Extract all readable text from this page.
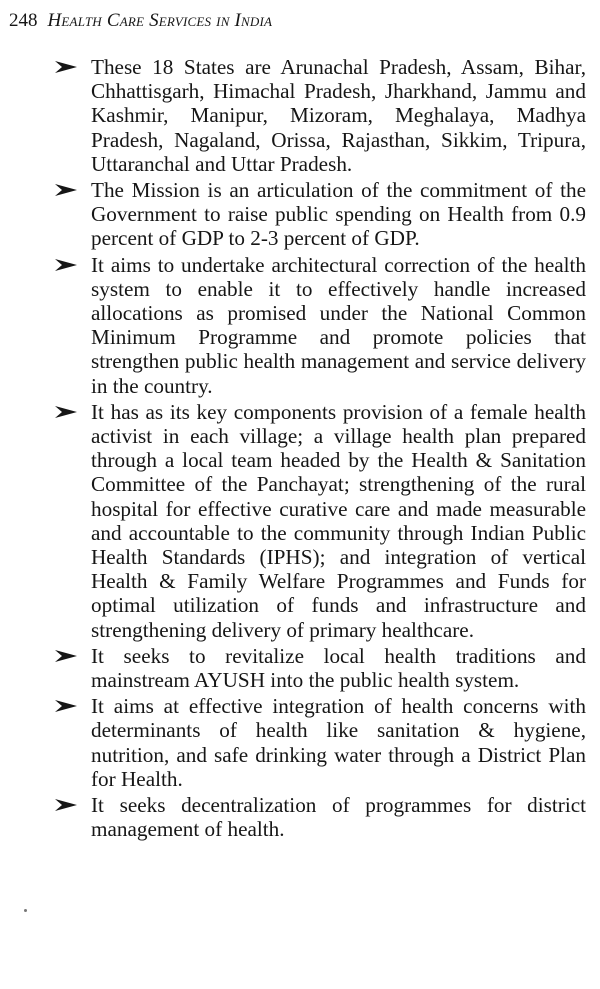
248 Health Care Services in India
These 18 States are Arunachal Pradesh, Assam, Bihar, Chhattisgarh, Himachal Pradesh, Jharkhand, Jammu and Kashmir, Manipur, Mizoram, Meghalaya, Madhya Pradesh, Nagaland, Orissa, Rajasthan, Sikkim, Tripura, Uttaranchal and Uttar Pradesh.
The Mission is an articulation of the commitment of the Government to raise public spending on Health from 0.9 percent of GDP to 2-3 percent of GDP.
It aims to undertake architectural correction of the health system to enable it to effectively handle increased allocations as promised under the National Common Minimum Programme and promote policies that strengthen public health management and service delivery in the country.
It has as its key components provision of a female health activist in each village; a village health plan prepared through a local team headed by the Health & Sanitation Committee of the Panchayat; strengthening of the rural hospital for effective curative care and made measurable and accountable to the community through Indian Public Health Standards (IPHS); and integration of vertical Health & Family Welfare Programmes and Funds for optimal utilization of funds and infrastructure and strengthening delivery of primary healthcare.
It seeks to revitalize local health traditions and mainstream AYUSH into the public health system.
It aims at effective integration of health concerns with determinants of health like sanitation & hygiene, nutrition, and safe drinking water through a District Plan for Health.
It seeks decentralization of programmes for district management of health.
